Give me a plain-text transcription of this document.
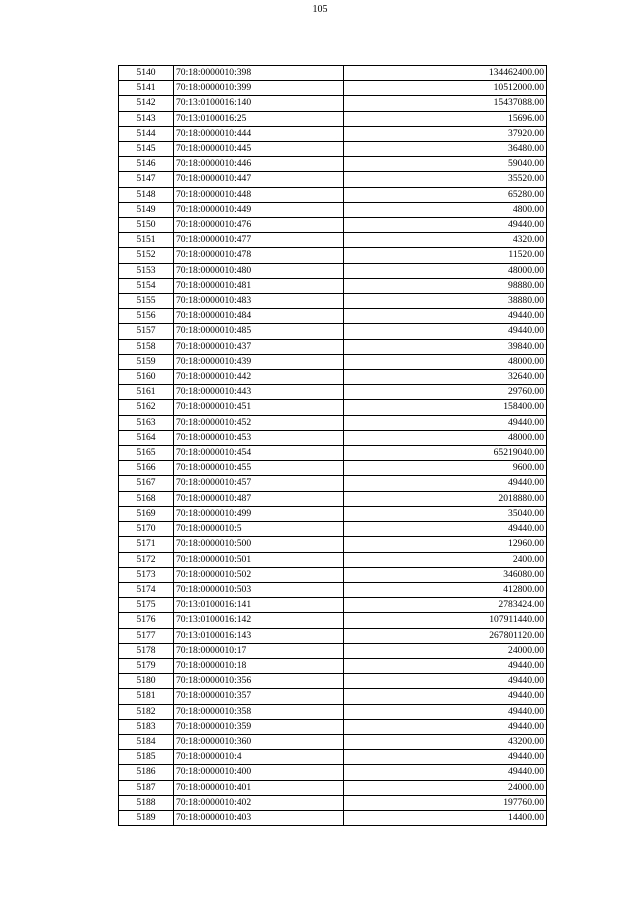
105
5140	70:18:0000010:398	134462400.00
5141	70:18:0000010:399	10512000.00
5142	70:13:0100016:140	15437088.00
5143	70:13:0100016:25	15696.00
5144	70:18:0000010:444	37920.00
5145	70:18:0000010:445	36480.00
5146	70:18:0000010:446	59040.00
5147	70:18:0000010:447	35520.00
5148	70:18:0000010:448	65280.00
5149	70:18:0000010:449	4800.00
5150	70:18:0000010:476	49440.00
5151	70:18:0000010:477	4320.00
5152	70:18:0000010:478	11520.00
5153	70:18:0000010:480	48000.00
5154	70:18:0000010:481	98880.00
5155	70:18:0000010:483	38880.00
5156	70:18:0000010:484	49440.00
5157	70:18:0000010:485	49440.00
5158	70:18:0000010:437	39840.00
5159	70:18:0000010:439	48000.00
5160	70:18:0000010:442	32640.00
5161	70:18:0000010:443	29760.00
5162	70:18:0000010:451	158400.00
5163	70:18:0000010:452	49440.00
5164	70:18:0000010:453	48000.00
5165	70:18:0000010:454	65219040.00
5166	70:18:0000010:455	9600.00
5167	70:18:0000010:457	49440.00
5168	70:18:0000010:487	2018880.00
5169	70:18:0000010:499	35040.00
5170	70:18:0000010:5	49440.00
5171	70:18:0000010:500	12960.00
5172	70:18:0000010:501	2400.00
5173	70:18:0000010:502	346080.00
5174	70:18:0000010:503	412800.00
5175	70:13:0100016:141	2783424.00
5176	70:13:0100016:142	107911440.00
5177	70:13:0100016:143	267801120.00
5178	70:18:0000010:17	24000.00
5179	70:18:0000010:18	49440.00
5180	70:18:0000010:356	49440.00
5181	70:18:0000010:357	49440.00
5182	70:18:0000010:358	49440.00
5183	70:18:0000010:359	49440.00
5184	70:18:0000010:360	43200.00
5185	70:18:0000010:4	49440.00
5186	70:18:0000010:400	49440.00
5187	70:18:0000010:401	24000.00
5188	70:18:0000010:402	197760.00
5189	70:18:0000010:403	14400.00
